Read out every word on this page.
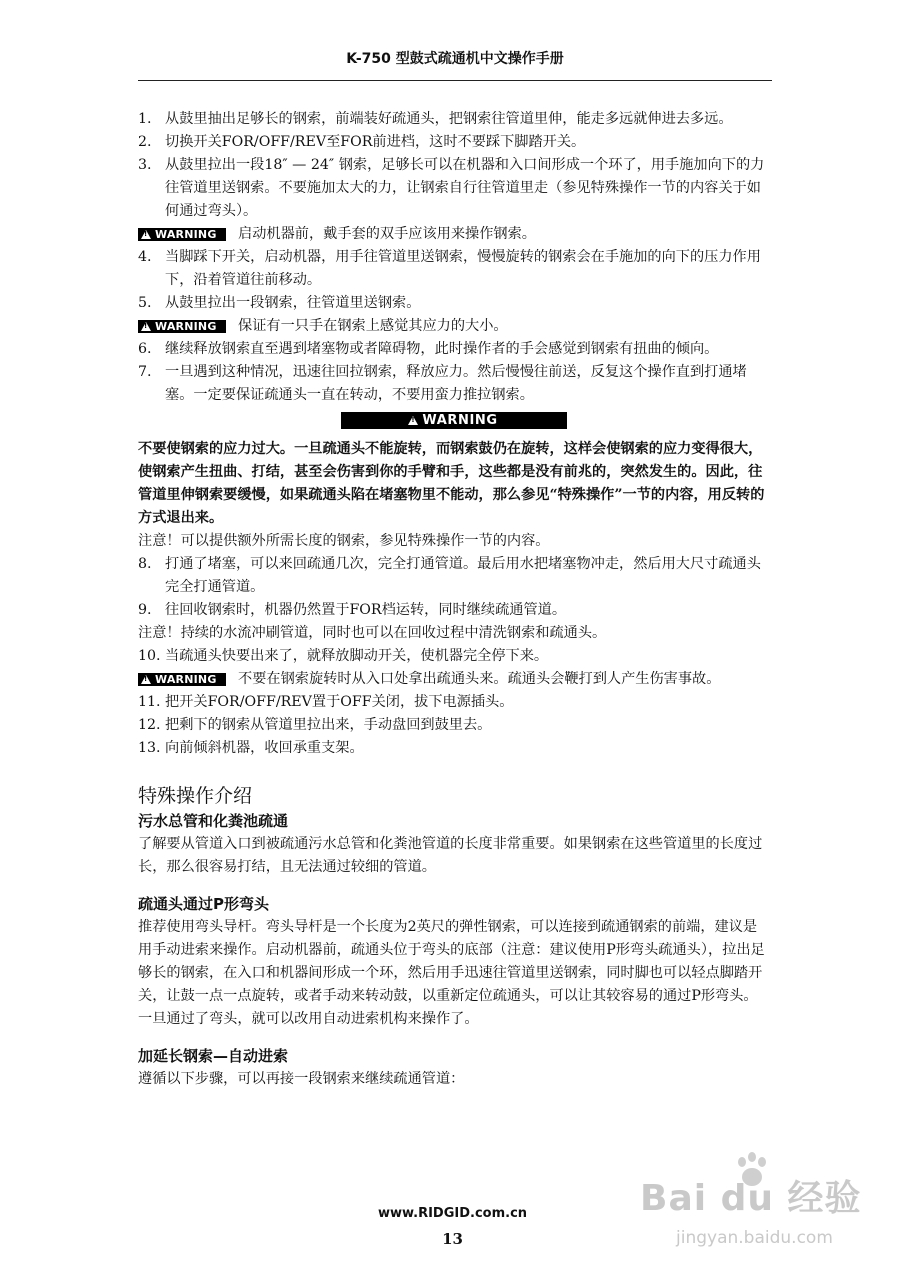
K-750 型鼓式疏通机中文操作手册
1. 从鼓里抽出足够长的钢索，前端装好疏通头，把钢索往管道里伸，能走多远就伸进去多远。
2. 切换开关FOR/OFF/REV至FOR前进档，这时不要踩下脚踏开关。
3. 从鼓里拉出一段18″ — 24″ 钢索，足够长可以在机器和入口间形成一个环了，用手施加向下的力往管道里送钢索。不要施加太大的力，让钢索自行往管道里走（参见特殊操作一节的内容关于如何通过弯头）。
!
WARNING 启动机器前，戴手套的双手应该用来操作钢索。
4. 当脚踩下开关，启动机器，用手往管道里送钢索，慢慢旋转的钢索会在手施加的向下的压力作用下，沿着管道往前移动。
5. 从鼓里拉出一段钢索，往管道里送钢索。
!
WARNING 保证有一只手在钢索上感觉其应力的大小。
6. 继续释放钢索直至遇到堵塞物或者障碍物，此时操作者的手会感觉到钢索有扭曲的倾向。
7. 一旦遇到这种情况，迅速往回拉钢索，释放应力。然后慢慢往前送，反复这个操作直到打通堵塞。一定要保证疏通头一直在转动，不要用蛮力推拉钢索。
!
WARNING
不要使钢索的应力过大。一旦疏通头不能旋转，而钢索鼓仍在旋转，这样会使钢索的应力变得很大，使钢索产生扭曲、打结，甚至会伤害到你的手臂和手，这些都是没有前兆的，突然发生的。因此，往管道里伸钢索要缓慢，如果疏通头陷在堵塞物里不能动，那么参见“特殊操作”一节的内容，用反转的方式退出来。
注意！可以提供额外所需长度的钢索，参见特殊操作一节的内容。
8. 打通了堵塞，可以来回疏通几次，完全打通管道。最后用水把堵塞物冲走，然后用大尺寸疏通头完全打通管道。
9. 往回收钢索时，机器仍然置于FOR档运转，同时继续疏通管道。
注意！持续的水流冲刷管道，同时也可以在回收过程中清洗钢索和疏通头。
10. 当疏通头快要出来了，就释放脚动开关，使机器完全停下来。
!
WARNING 不要在钢索旋转时从入口处拿出疏通头来。疏通头会鞭打到人产生伤害事故。
11. 把开关FOR/OFF/REV置于OFF关闭，拔下电源插头。
12. 把剩下的钢索从管道里拉出来，手动盘回到鼓里去。
13. 向前倾斜机器，收回承重支架。
特殊操作介绍
污水总管和化粪池疏通
了解要从管道入口到被疏通污水总管和化粪池管道的长度非常重要。如果钢索在这些管道里的长度过长，那么很容易打结，且无法通过较细的管道。
疏通头通过P形弯头
推荐使用弯头导杆。弯头导杆是一个长度为2英尺的弹性钢索，可以连接到疏通钢索的前端，建议是用手动进索来操作。启动机器前，疏通头位于弯头的底部（注意：建议使用P形弯头疏通头），拉出足够长的钢索，在入口和机器间形成一个环，然后用手迅速往管道里送钢索，同时脚也可以轻点脚踏开关，让鼓一点一点旋转，或者手动来转动鼓，以重新定位疏通头，可以让其较容易的通过P形弯头。一旦通过了弯头，就可以改用自动进索机构来操作了。
加延长钢索—自动进索
遵循以下步骤，可以再接一段钢索来继续疏通管道：
www.RIDGID.com.cn
13
Bai du 经验
jingyan.baidu.com
